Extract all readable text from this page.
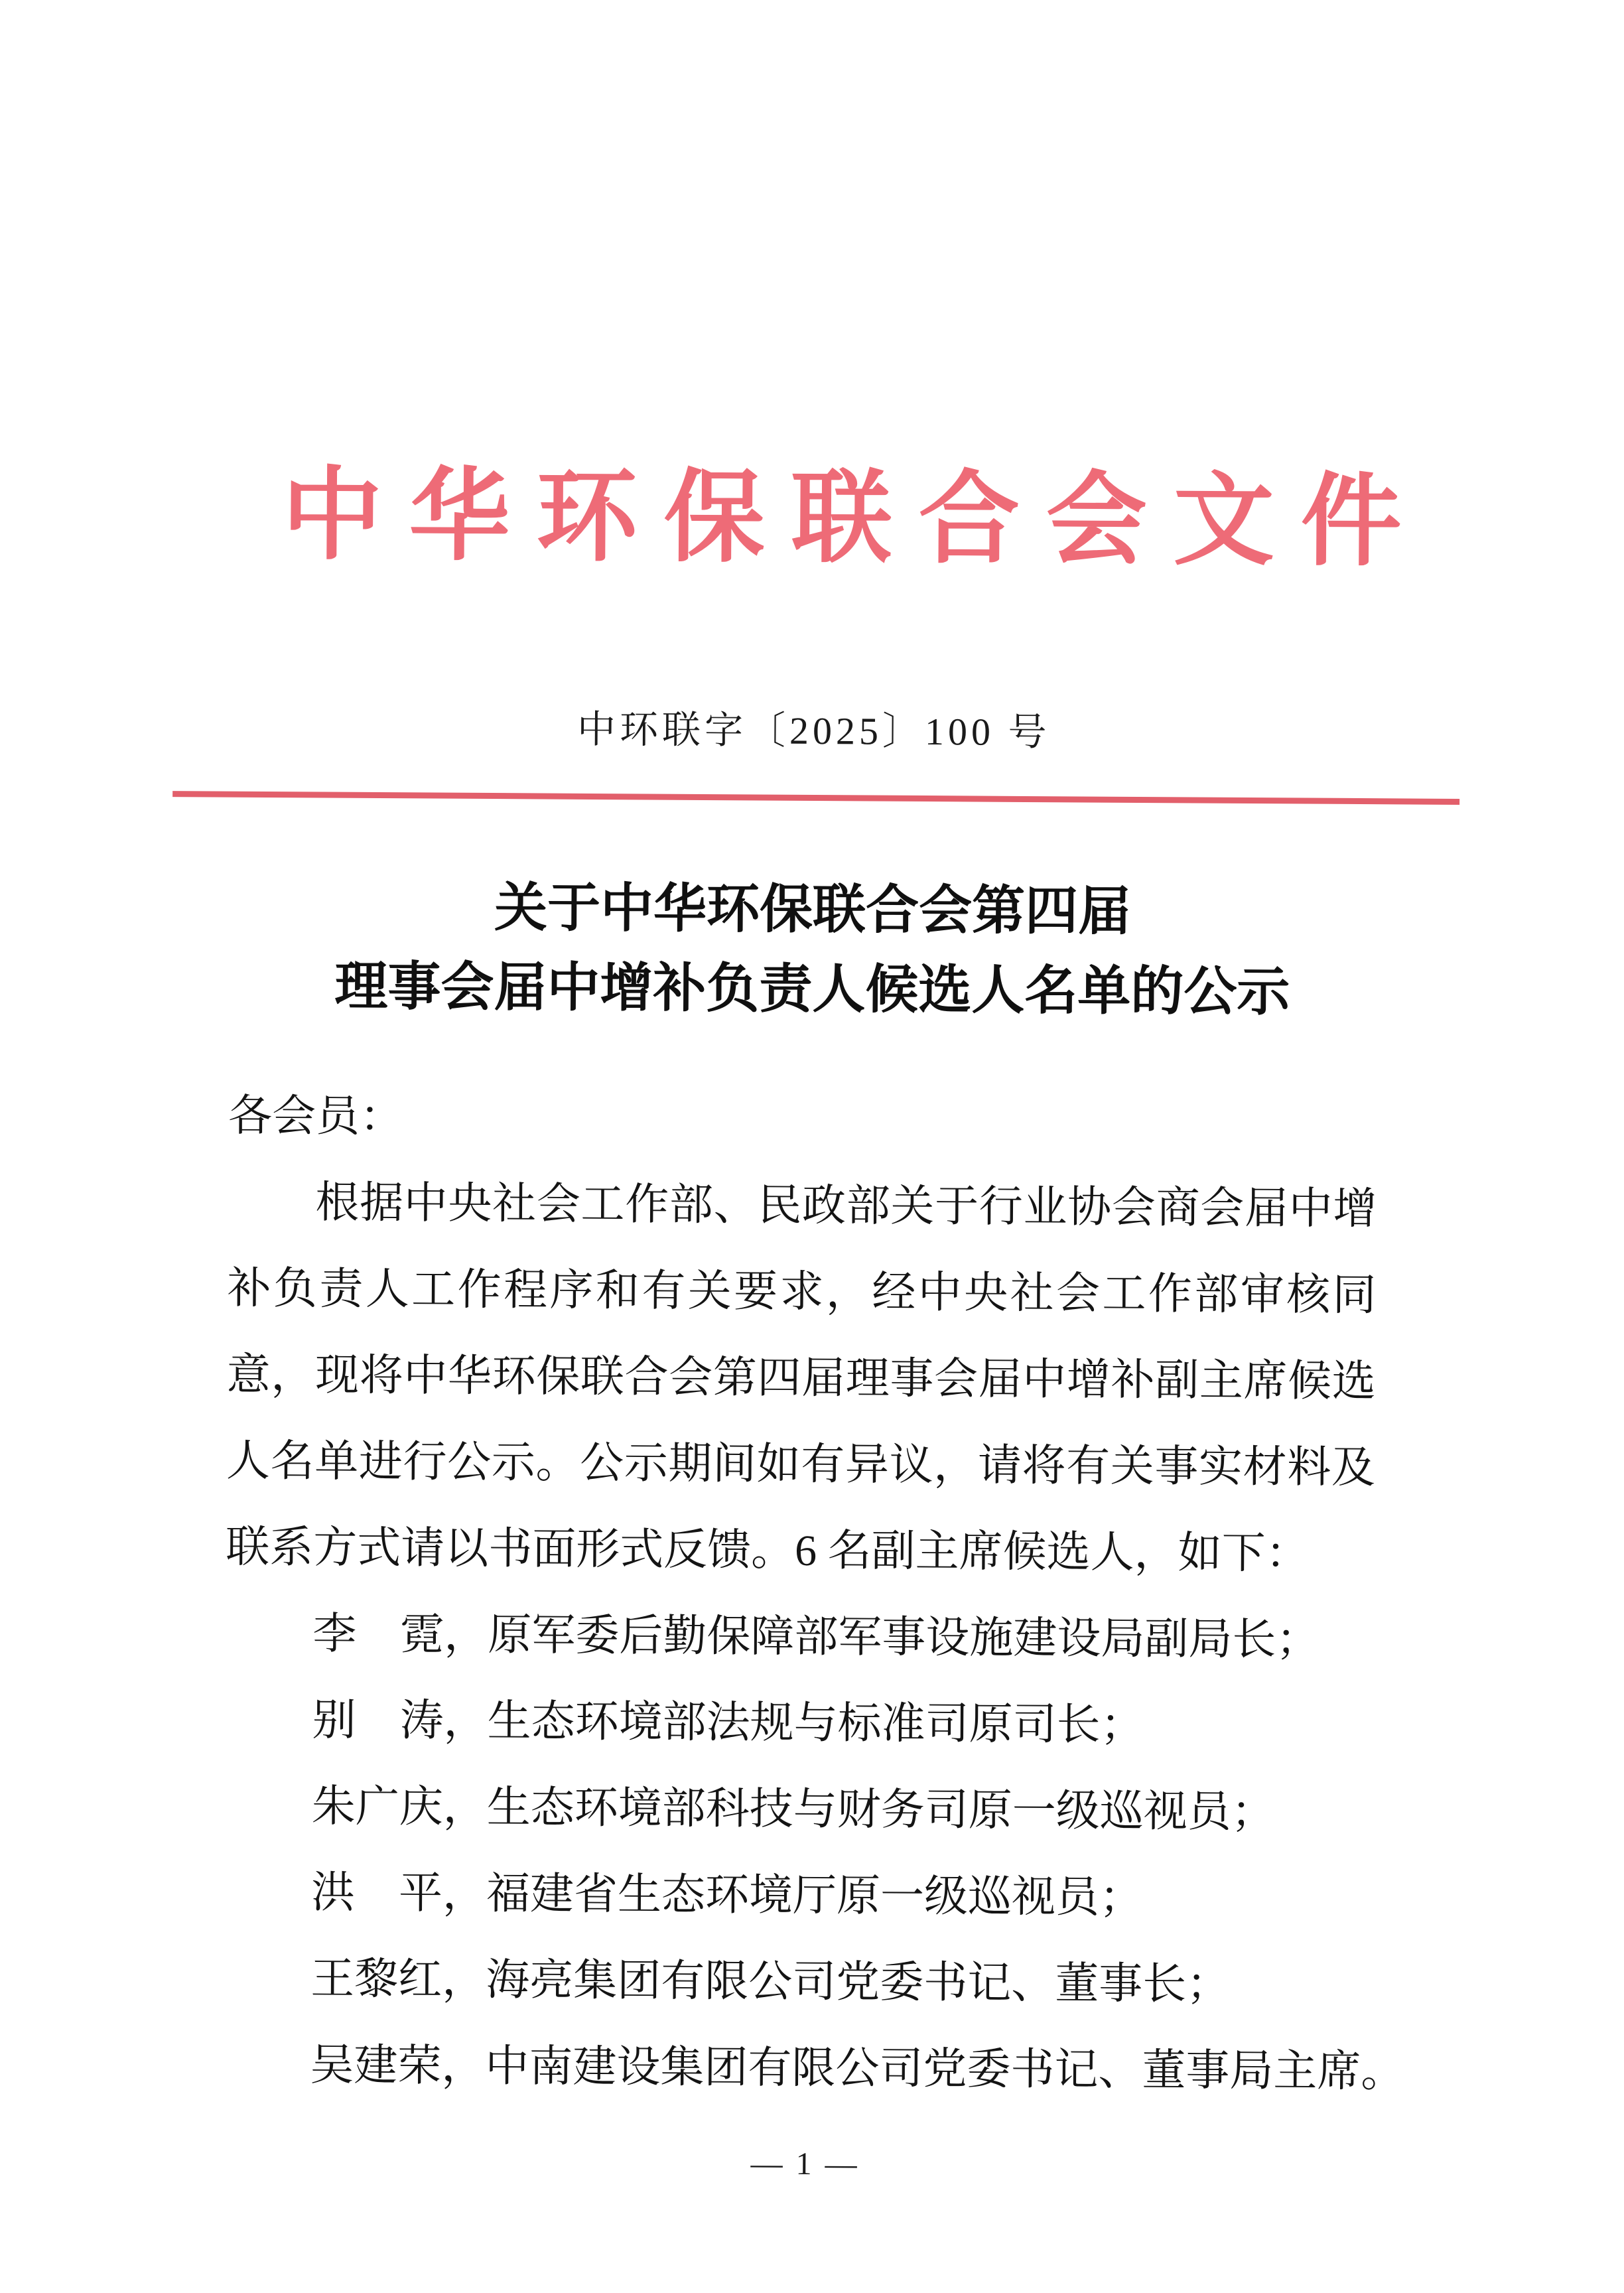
中华环保联合会文件
中环联字〔2025〕100 号
关于中华环保联合会第四届
理事会届中增补负责人候选人名单的公示
各会员：
根据中央社会工作部、民政部关于行业协会商会届中增
补负责人工作程序和有关要求，经中央社会工作部审核同
意，现将中华环保联合会第四届理事会届中增补副主席候选
人名单进行公示。公示期间如有异议，请将有关事实材料及
联系方式请以书面形式反馈。6 名副主席候选人，如下：
李　霓，原军委后勤保障部军事设施建设局副局长；
别　涛，生态环境部法规与标准司原司长；
朱广庆，生态环境部科技与财务司原一级巡视员；
洪　平，福建省生态环境厅原一级巡视员；
王黎红，海亮集团有限公司党委书记、董事长；
吴建荣，中南建设集团有限公司党委书记、董事局主席。
— 1 —
